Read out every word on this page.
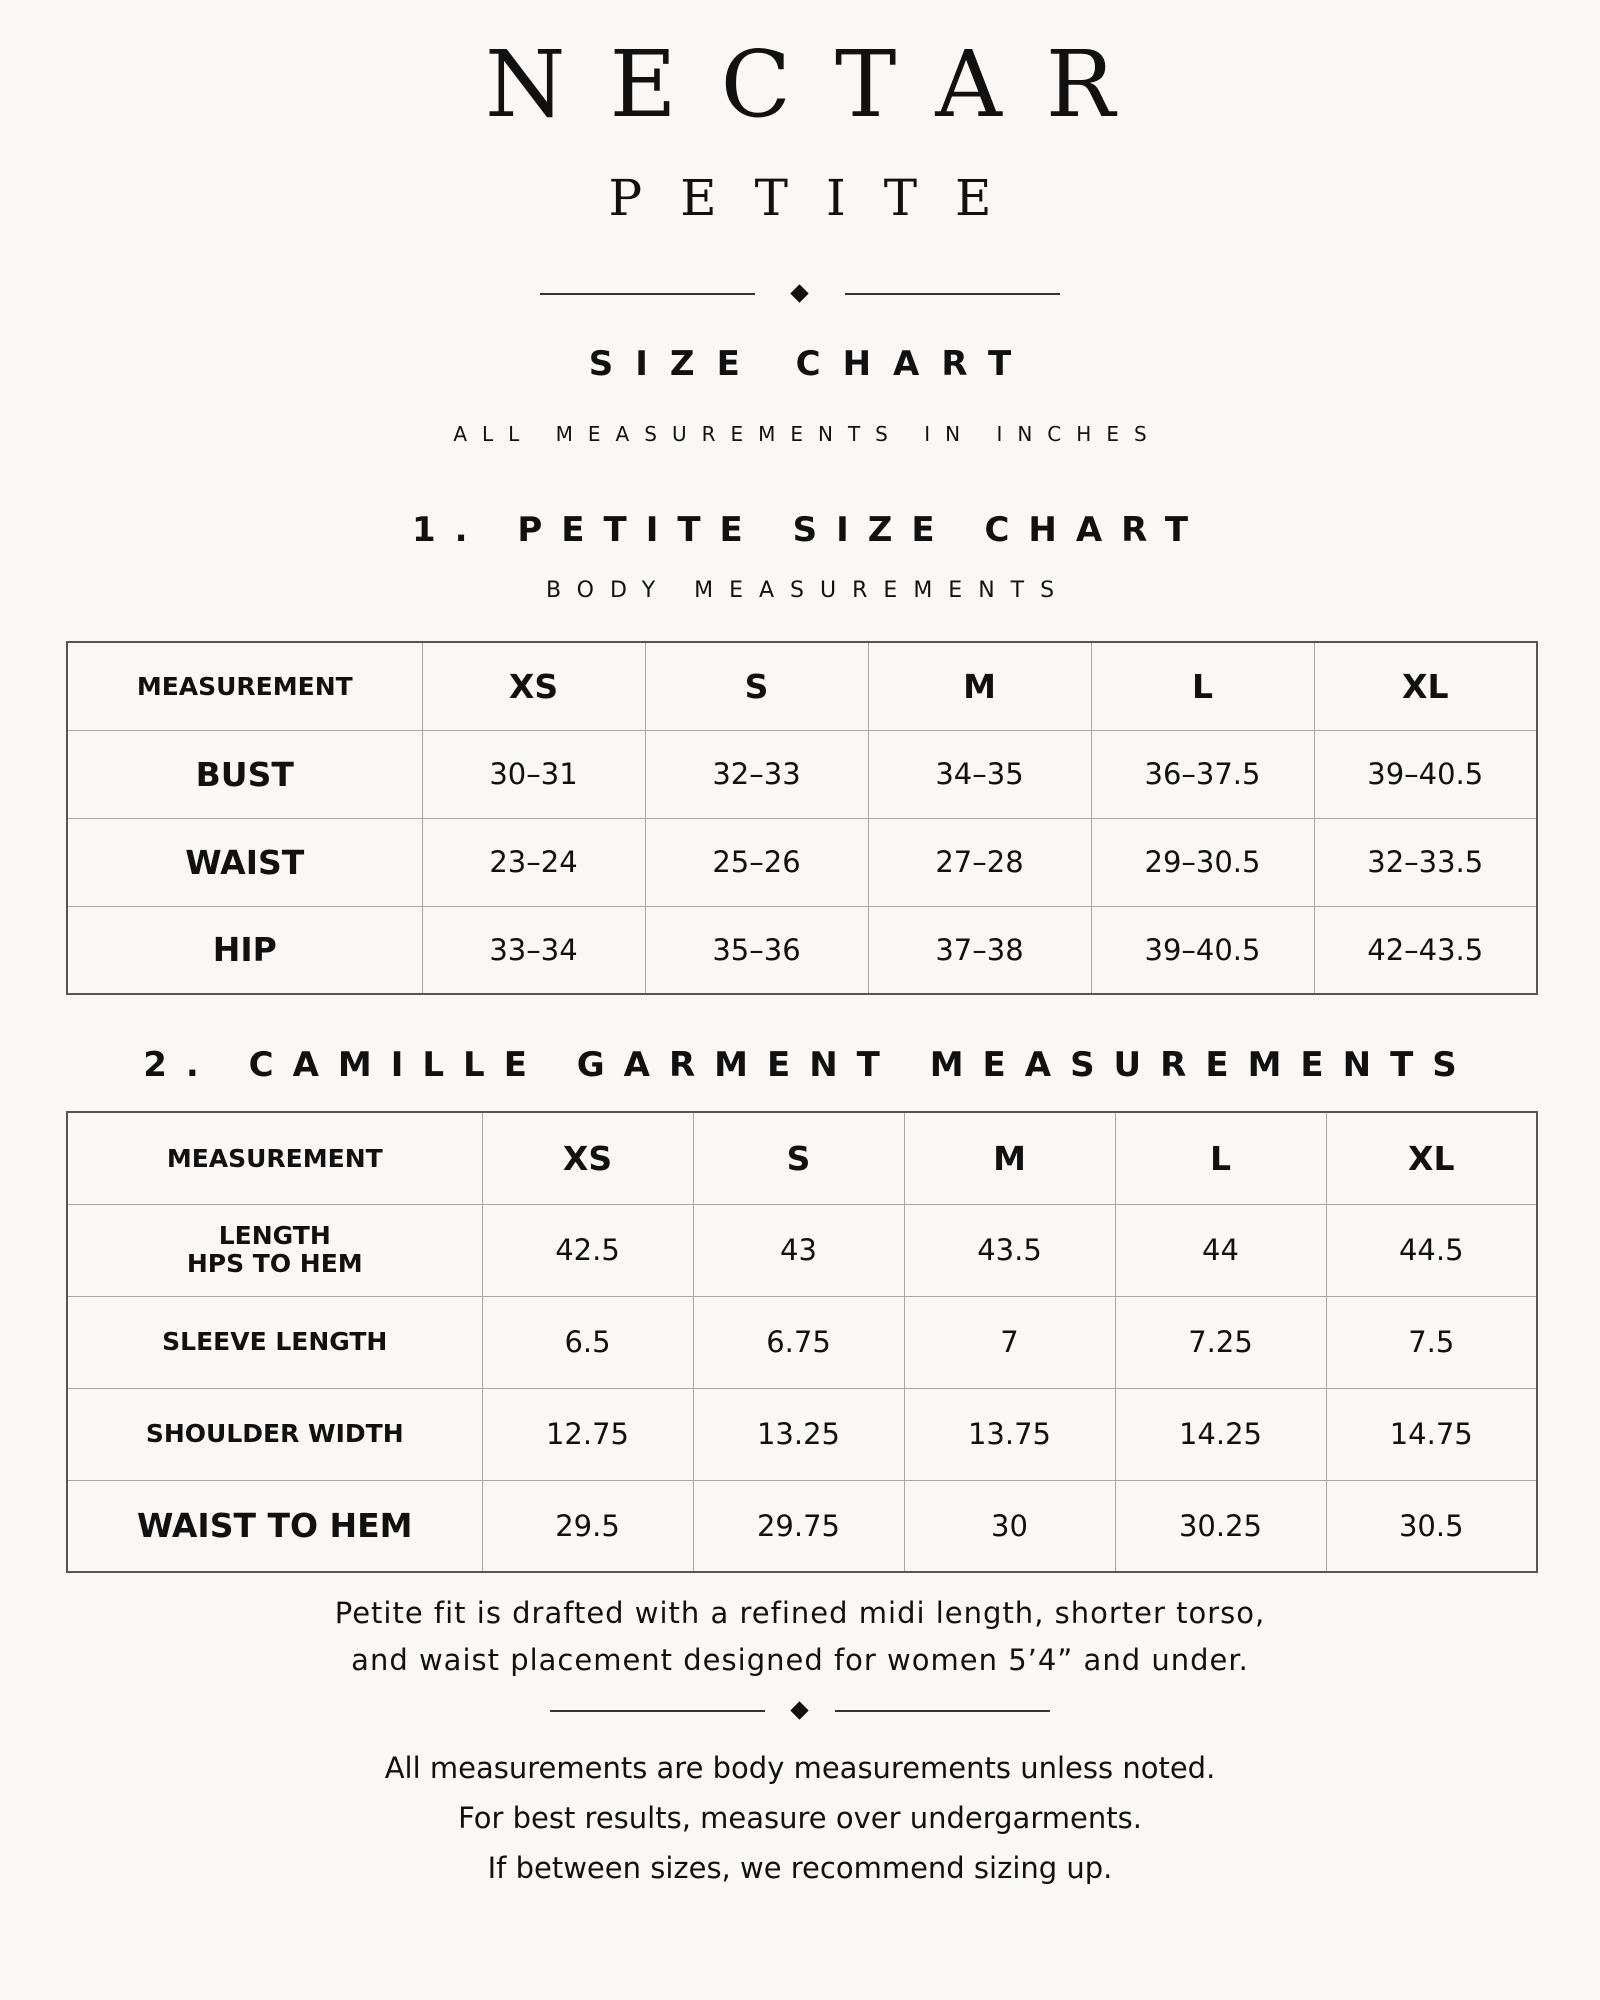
NECTAR
PETITE
SIZE CHART
ALL MEASUREMENTS IN INCHES
1. PETITE SIZE CHART
BODY MEASUREMENTS
MEASUREMENT	XS	S	M	L	XL
BUST	30–31	32–33	34–35	36–37.5	39–40.5
WAIST	23–24	25–26	27–28	29–30.5	32–33.5
HIP	33–34	35–36	37–38	39–40.5	42–43.5
2. CAMILLE GARMENT MEASUREMENTS
MEASUREMENT	XS	S	M	L	XL

LENGTH
HPS TO HEM	42.5	43	43.5	44	44.5
SLEEVE LENGTH	6.5	6.75	7	7.25	7.5
SHOULDER WIDTH	12.75	13.25	13.75	14.25	14.75
WAIST TO HEM	29.5	29.75	30	30.25	30.5
Petite fit is drafted with a refined midi length, shorter torso,
and waist placement designed for women 5’4” and under.
All measurements are body measurements unless noted.
For best results, measure over undergarments.
If between sizes, we recommend sizing up.
